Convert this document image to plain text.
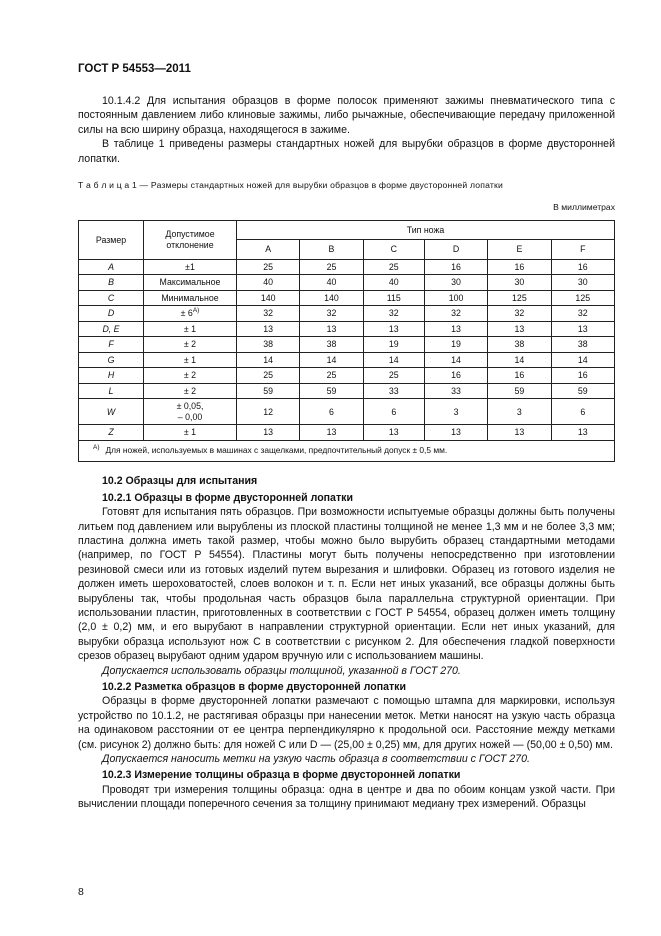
ГОСТ Р 54553—2011

10.1.4.2 Для испытания образцов в форме полосок применяют зажимы пневматического типа с постоянным давлением либо клиновые зажимы, либо рычажные, обеспечивающие передачу приложенной силы на всю ширину образца, находящегося в зажиме.

В таблице 1 приведены размеры стандартных ножей для вырубки образцов в форме двусторонней лопатки.

Т а б л и ц а 1 — Размеры стандартных ножей для вырубки образцов в форме двусторонней лопатки
В миллиметрах
Размер	Допустимое отклонение	Тип ножа					
		A	B	C	D	E	F
A	±1	25	25	25	16	16	16
B	Максимальное	40	40	40	30	30	30
C	Минимальное	140	140	115	100	125	125
D	± $6^{A)}$	32	32	32	32	32	32
D, E	± 1	13	13	13	13	13	13
F	± 2	38	38	19	19	38	38
G	± 1	14	14	14	14	14	14
H	± 2	25	25	25	16	16	16
L	± 2	59	59	33	33	59	59
W	± 0,05,
– 0,00	12	6	6	3	3	6
Z	± 1	13	13	13	13	13	13
$^{A)}$ Для ножей, используемых в машинах с защелками, предпочтительный допуск ± 0,5 мм.							
10.2 Образцы для испытания
10.2.1 Образцы в форме двусторонней лопатки

Готовят для испытания пять образцов. При возможности испытуемые образцы должны быть получены литьем под давлением или вырублены из плоской пластины толщиной не менее 1,3 мм и не более 3,3 мм; пластина должна иметь такой размер, чтобы можно было вырубить образец стандартными методами (например, по ГОСТ Р 54554). Пластины могут быть получены непосредственно при изготовлении резиновой смеси или из готовых изделий путем вырезания и шлифовки. Образец из готового изделия не должен иметь шероховатостей, слоев волокон и т. п. Если нет иных указаний, все образцы должны быть вырублены так, чтобы продольная часть образцов была параллельна структурной ориентации. При использовании пластин, приготовленных в соответствии с ГОСТ Р 54554, образец должен иметь толщину (2,0 ± 0,2) мм, и его вырубают в направлении структурной ориентации. Если нет иных указаний, для вырубки образца используют нож С в соответствии с рисунком 2. Для обеспечения гладкой поверхности срезов образец вырубают одним ударом вручную или с использованием машины.

Допускается использовать образцы толщиной, указанной в ГОСТ 270.

10.2.2 Разметка образцов в форме двусторонней лопатки

Образцы в форме двусторонней лопатки размечают с помощью штампа для маркировки, используя устройство по 10.1.2, не растягивая образцы при нанесении меток. Метки наносят на узкую часть образца на одинаковом расстоянии от ее центра перпендикулярно к продольной оси. Расстояние между метками (см. рисунок 2) должно быть: для ножей С или D — (25,00 ± 0,25) мм, для других ножей — (50,00 ± 0,50) мм.

Допускается наносить метки на узкую часть образца в соответствии с ГОСТ 270.

10.2.3 Измерение толщины образца в форме двусторонней лопатки

Проводят три измерения толщины образца: одна в центре и два по обоим концам узкой части. При вычислении площади поперечного сечения за толщину принимают медиану трех измерений. Образцы

8
